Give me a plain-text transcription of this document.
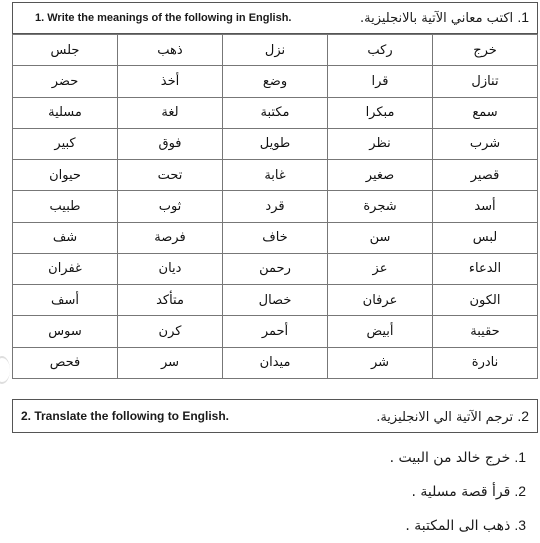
1. Write the meanings of the following in English.	1. اكتب معاني الآتية بالانجليزية.
جلس	ذهب	نزل	ركب	خرج
حضر	أخذ	وضع	قرا	تنازل
مسلية	لغة	مكتبة	مبكرا	سمع
كبير	فوق	طويل	نظر	شرب
حيوان	تحت	غابة	صغير	قصير
طبيب	ثوب	قرد	شجرة	أسد
شف	فرصة	خاف	سن	لبس
غفران	ديان	رحمن	عز	الدعاء
أسف	متأكد	خصال	عرفان	الكون
سوس	كرن	أحمر	أبيض	حقيبة
فحص	سر	ميدان	شر	نادرة
2. Translate the following to English.	2. ترجم الآتية الي الانجليزية.
1.خرج خالد من البيت .
2.قرأ قصة مسلية .
3.ذهب الى المكتبة .
